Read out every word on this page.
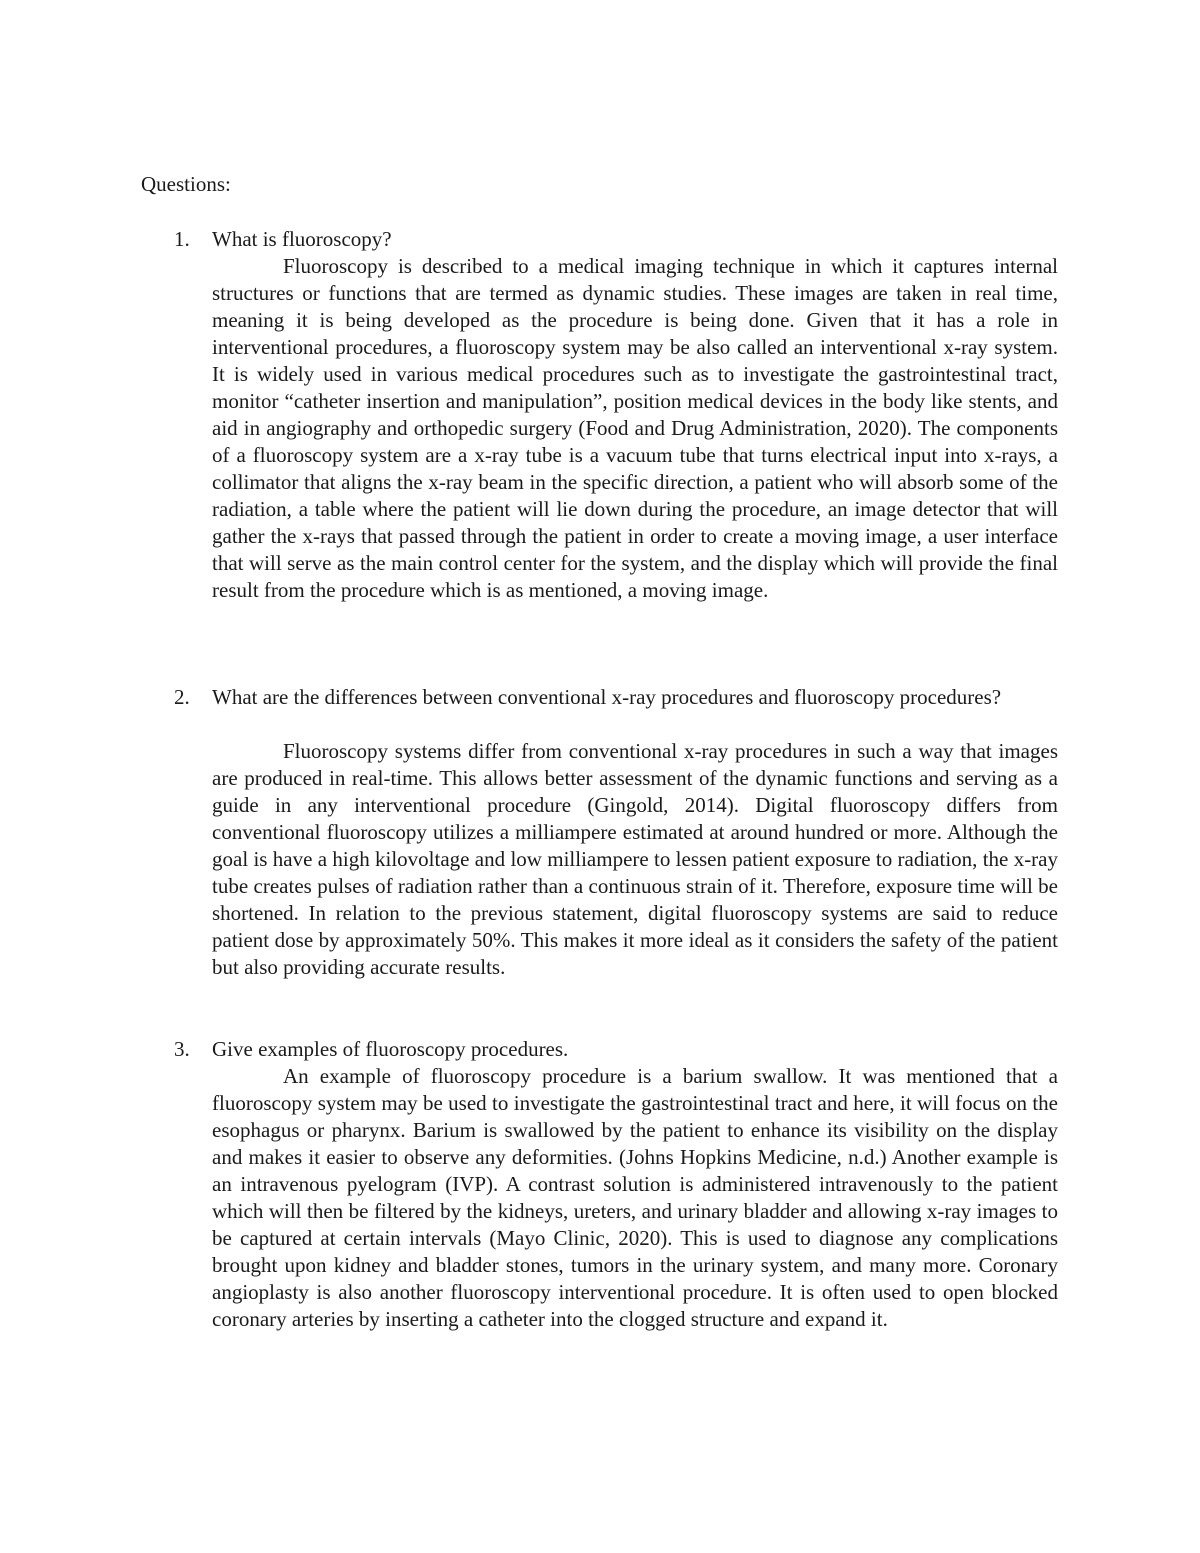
Questions:

1. What is fluoroscopy?

Fluoroscopy is described to a medical imaging technique in which it captures internal structures or functions that are termed as dynamic studies. These images are taken in real time, meaning it is being developed as the procedure is being done. Given that it has a role in interventional procedures, a fluoroscopy system may be also called an interventional x-ray system. It is widely used in various medical procedures such as to investigate the gastrointestinal tract, monitor “catheter insertion and manipulation”, position medical devices in the body like stents, and aid in angiography and orthopedic surgery (Food and Drug Administration, 2020). The components of a fluoroscopy system are a x-ray tube is a vacuum tube that turns electrical input into x-rays, a collimator that aligns the x-ray beam in the specific direction, a patient who will absorb some of the radiation, a table where the patient will lie down during the procedure, an image detector that will gather the x-rays that passed through the patient in order to create a moving image, a user interface that will serve as the main control center for the system, and the display which will provide the final result from the procedure which is as mentioned, a moving image.

2. What are the differences between conventional x-ray procedures and fluoroscopy procedures?

Fluoroscopy systems differ from conventional x-ray procedures in such a way that images are produced in real-time. This allows better assessment of the dynamic functions and serving as a guide in any interventional procedure (Gingold, 2014). Digital fluoroscopy differs from conventional fluoroscopy utilizes a milliampere estimated at around hundred or more. Although the goal is have a high kilovoltage and low milliampere to lessen patient exposure to radiation, the x-ray tube creates pulses of radiation rather than a continuous strain of it. Therefore, exposure time will be shortened. In relation to the previous statement, digital fluoroscopy systems are said to reduce patient dose by approximately 50%. This makes it more ideal as it considers the safety of the patient but also providing accurate results.

3. Give examples of fluoroscopy procedures.

An example of fluoroscopy procedure is a barium swallow. It was mentioned that a fluoroscopy system may be used to investigate the gastrointestinal tract and here, it will focus on the esophagus or pharynx. Barium is swallowed by the patient to enhance its visibility on the display and makes it easier to observe any deformities. (Johns Hopkins Medicine, n.d.) Another example is an intravenous pyelogram (IVP). A contrast solution is administered intravenously to the patient which will then be filtered by the kidneys, ureters, and urinary bladder and allowing x-ray images to be captured at certain intervals (Mayo Clinic, 2020). This is used to diagnose any complications brought upon kidney and bladder stones, tumors in the urinary system, and many more. Coronary angioplasty is also another fluoroscopy interventional procedure. It is often used to open blocked coronary arteries by inserting a catheter into the clogged structure and expand it.
